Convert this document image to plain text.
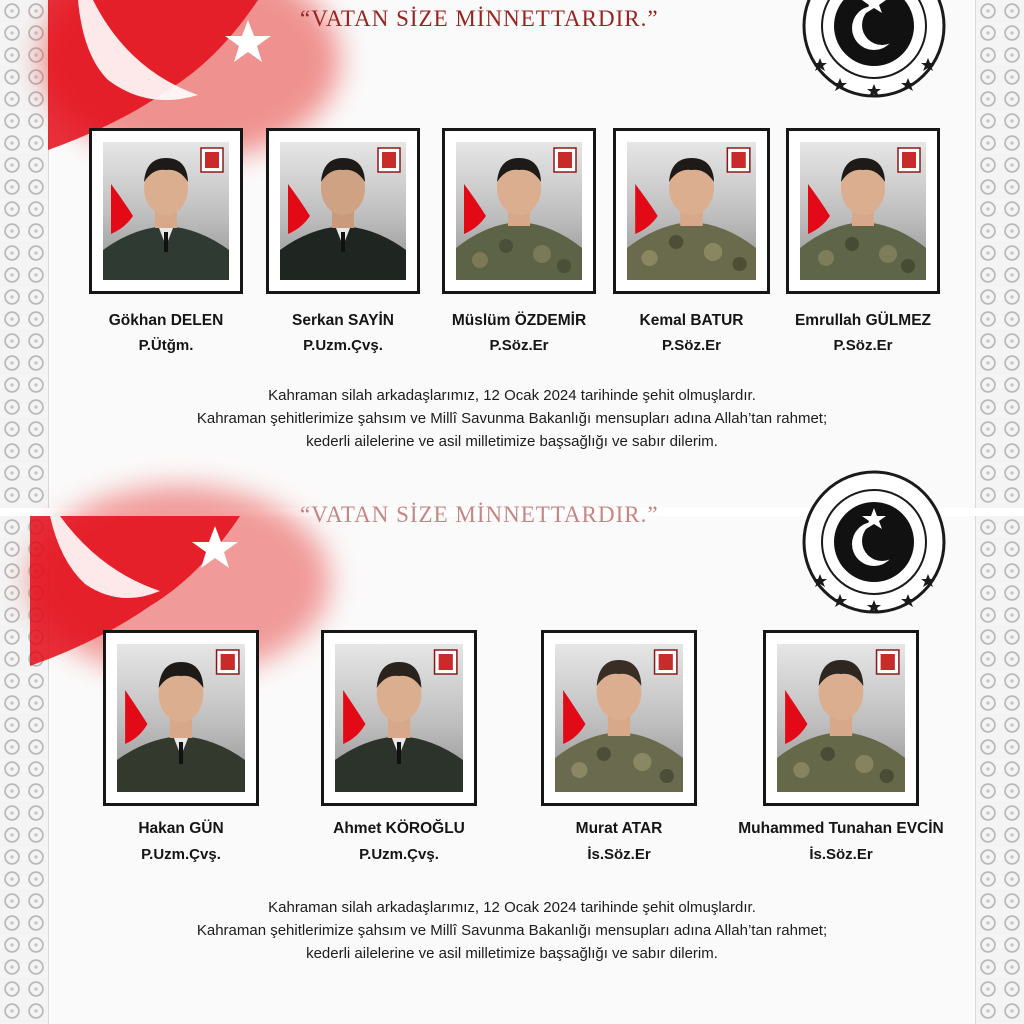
“VATAN SİZE MİNNETTARDIR.”
Gökhan DELEN
P.Ütğm.
Serkan SAYİN
P.Uzm.Çvş.
Müslüm ÖZDEMİR
P.Söz.Er
Kemal BATUR
P.Söz.Er
Emrullah GÜLMEZ
P.Söz.Er
Kahraman silah arkadaşlarımız, 12 Ocak 2024 tarihinde şehit olmuşlardır.
Kahraman şehitlerimize şahsım ve Millî Savunma Bakanlığı mensupları adına Allah’tan rahmet;
kederli ailelerine ve asil milletimize başsağlığı ve sabır dilerim.
“VATAN SİZE MİNNETTARDIR.”
Hakan GÜN
P.Uzm.Çvş.
Ahmet KÖROĞLU
P.Uzm.Çvş.
Murat ATAR
İs.Söz.Er
Muhammed Tunahan EVCİN
İs.Söz.Er
Kahraman silah arkadaşlarımız, 12 Ocak 2024 tarihinde şehit olmuşlardır.
Kahraman şehitlerimize şahsım ve Millî Savunma Bakanlığı mensupları adına Allah’tan rahmet;
kederli ailelerine ve asil milletimize başsağlığı ve sabır dilerim.
